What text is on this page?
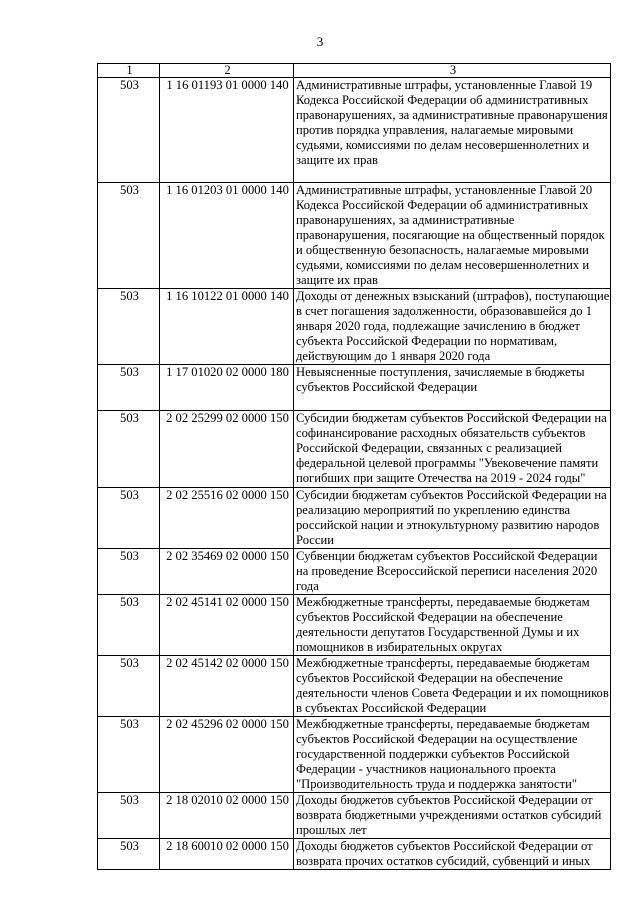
3
1	2	3
503	1 16 01193 01 0000 140	Административные штрафы, установленные Главой 19 Кодекса Российской Федерации об административных правонарушениях, за административные правонарушения против порядка управления, налагаемые мировыми судьями, комиссиями по делам несовершеннолетних и защите их прав
503	1 16 01203 01 0000 140	Административные штрафы, установленные Главой 20 Кодекса Российской Федерации об административных правонарушениях, за административные правонарушения, посягающие на общественный порядок и общественную безопасность, налагаемые мировыми судьями, комиссиями по делам несовершеннолетних и защите их прав
503	1 16 10122 01 0000 140	Доходы от денежных взысканий (штрафов), поступающие в счет погашения задолженности, образовавшейся до 1 января 2020 года, подлежащие зачислению в бюджет субъекта Российской Федерации по нормативам, действующим до 1 января 2020 года
503	1 17 01020 02 0000 180	Невыясненные поступления, зачисляемые в бюджеты субъектов Российской Федерации
503	2 02 25299 02 0000 150	Субсидии бюджетам субъектов Российской Федерации на софинансирование расходных обязательств субъектов Российской Федерации, связанных с реализацией федеральной целевой программы "Увековечение памяти погибших при защите Отечества на 2019 - 2024 годы"
503	2 02 25516 02 0000 150	Субсидии бюджетам субъектов Российской Федерации на реализацию мероприятий по укреплению единства российской нации и этнокультурному развитию народов России
503	2 02 35469 02 0000 150	Субвенции бюджетам субъектов Российской Федерации на проведение Всероссийской переписи населения 2020 года
503	2 02 45141 02 0000 150	Межбюджетные трансферты, передаваемые бюджетам субъектов Российской Федерации на обеспечение деятельности депутатов Государственной Думы и их помощников в избирательных округах
503	2 02 45142 02 0000 150	Межбюджетные трансферты, передаваемые бюджетам субъектов Российской Федерации на обеспечение деятельности членов Совета Федерации и их помощников в субъектах Российской Федерации
503	2 02 45296 02 0000 150	Межбюджетные трансферты, передаваемые бюджетам субъектов Российской Федерации на осуществление государственной поддержки субъектов Российской Федерации - участников национального проекта "Производительность труда и поддержка занятости"
503	2 18 02010 02 0000 150	Доходы бюджетов субъектов Российской Федерации от возврата бюджетными учреждениями остатков субсидий прошлых лет
503	2 18 60010 02 0000 150	Доходы бюджетов субъектов Российской Федерации от возврата прочих остатков субсидий, субвенций и иных
